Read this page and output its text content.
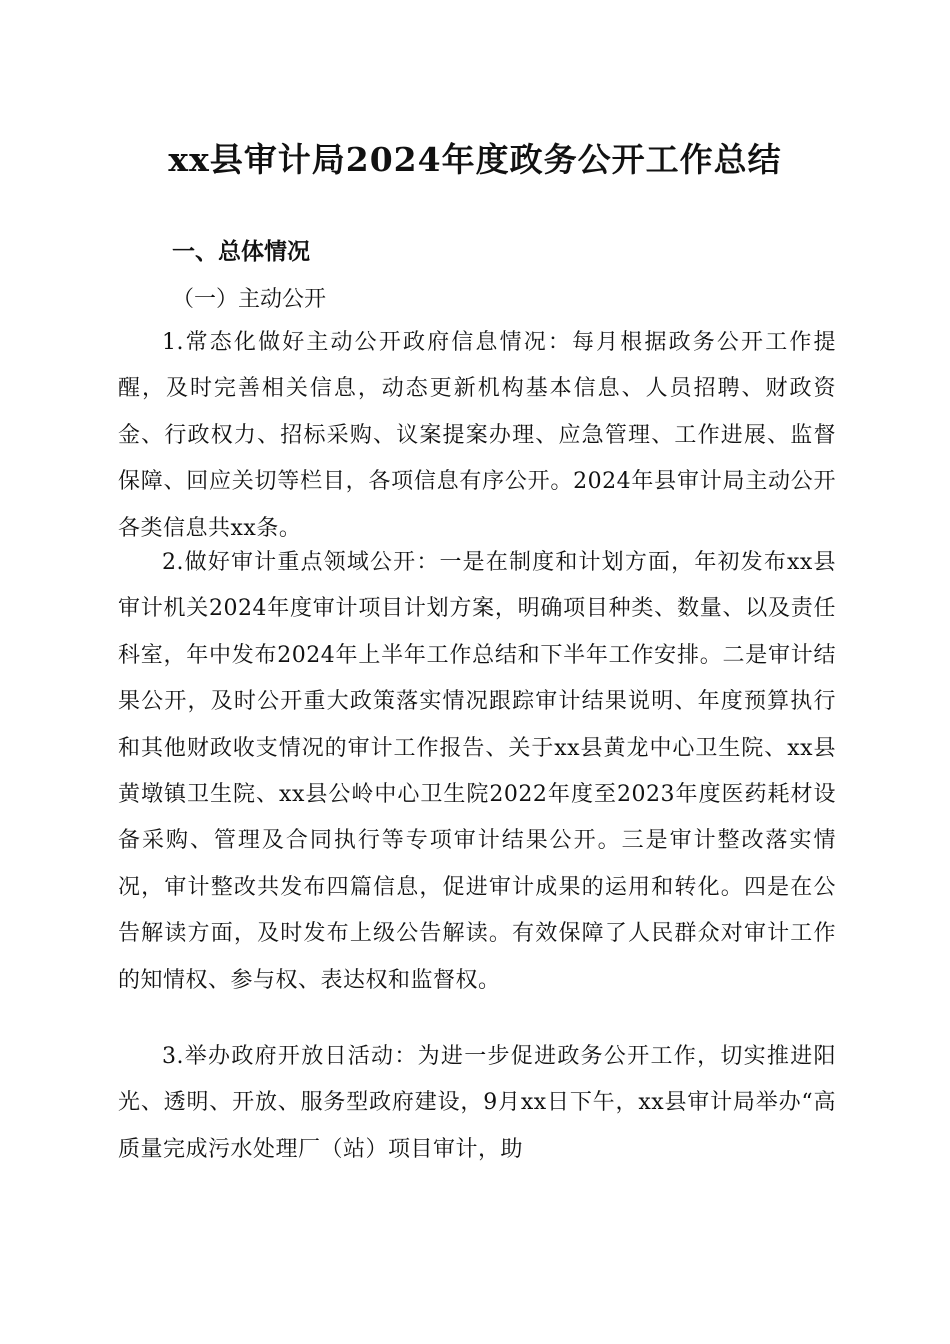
xx县审计局2024年度政务公开工作总结
一、总体情况
（一）主动公开

1.常态化做好主动公开政府信息情况：每月根据政务公开工作提醒，及时完善相关信息，动态更新机构基本信息、人员招聘、财政资金、行政权力、招标采购、议案提案办理、应急管理、工作进展、监督保障、回应关切等栏目，各项信息有序公开。2024年县审计局主动公开各类信息共xx条。

2.做好审计重点领域公开：一是在制度和计划方面，年初发布xx县审计机关2024年度审计项目计划方案，明确项目种类、数量、以及责任科室，年中发布2024年上半年工作总结和下半年工作安排。二是审计结果公开，及时公开重大政策落实情况跟踪审计结果说明、年度预算执行和其他财政收支情况的审计工作报告、关于xx县黄龙中心卫生院、xx县黄墩镇卫生院、xx县公岭中心卫生院2022年度至2023年度医药耗材设备采购、管理及合同执行等专项审计结果公开。三是审计整改落实情况，审计整改共发布四篇信息，促进审计成果的运用和转化。四是在公告解读方面，及时发布上级公告解读。有效保障了人民群众对审计工作的知情权、参与权、表达权和监督权。

3.举办政府开放日活动：为进一步促进政务公开工作，切实推进阳光、透明、开放、服务型政府建设，9月xx日下午，xx县审计局举办“高质量完成污水处理厂（站）项目审计，助
